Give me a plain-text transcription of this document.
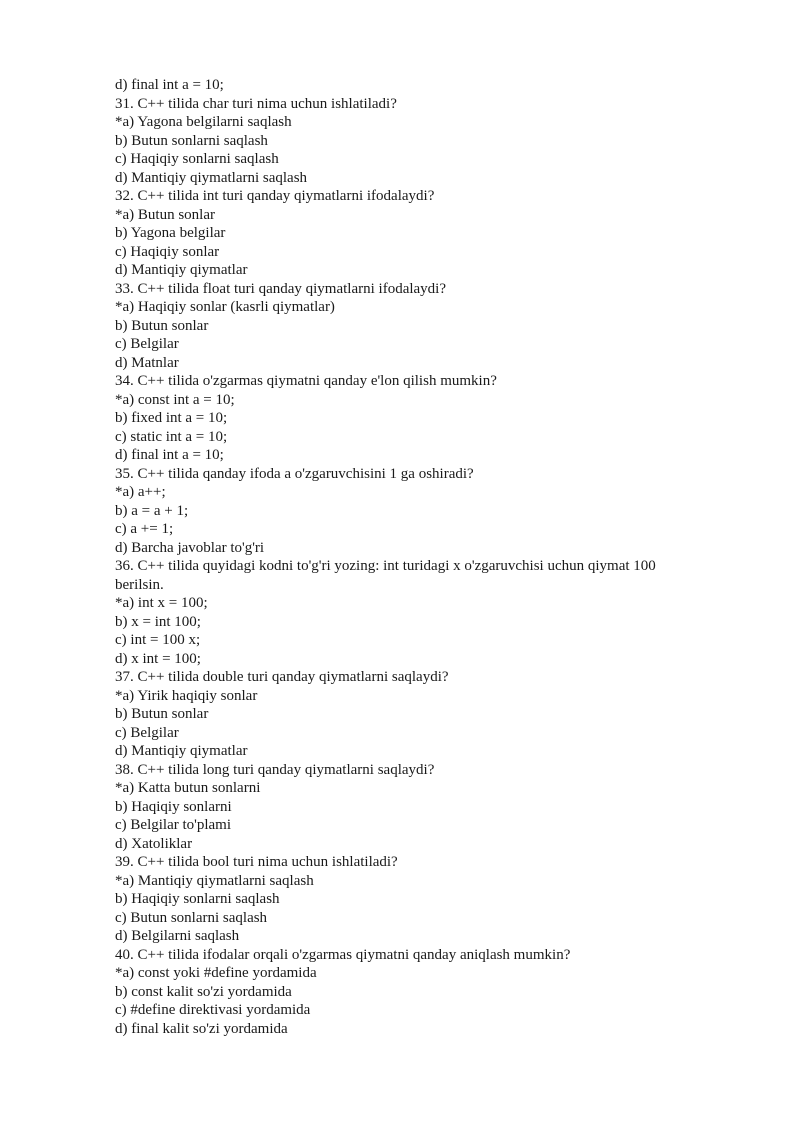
d) final int a = 10;

31. C++ tilida char turi nima uchun ishlatiladi?

*a) Yagona belgilarni saqlash

b) Butun sonlarni saqlash

c) Haqiqiy sonlarni saqlash

d) Mantiqiy qiymatlarni saqlash

32. C++ tilida int turi qanday qiymatlarni ifodalaydi?

*a) Butun sonlar

b) Yagona belgilar

c) Haqiqiy sonlar

d) Mantiqiy qiymatlar

33. C++ tilida float turi qanday qiymatlarni ifodalaydi?

*a) Haqiqiy sonlar (kasrli qiymatlar)

b) Butun sonlar

c) Belgilar

d) Matnlar

34. C++ tilida o'zgarmas qiymatni qanday e'lon qilish mumkin?

*a) const int a = 10;

b) fixed int a = 10;

c) static int a = 10;

d) final int a = 10;

35. C++ tilida qanday ifoda a o'zgaruvchisini 1 ga oshiradi?

*a) a++;

b) a = a + 1;

c) a += 1;

d) Barcha javoblar to'g'ri

36. C++ tilida quyidagi kodni to'g'ri yozing: int turidagi x o'zgaruvchisi uchun qiymat 100 berilsin.

*a) int x = 100;

b) x = int 100;

c) int = 100 x;

d) x int = 100;

37. C++ tilida double turi qanday qiymatlarni saqlaydi?

*a) Yirik haqiqiy sonlar

b) Butun sonlar

c) Belgilar

d) Mantiqiy qiymatlar

38. C++ tilida long turi qanday qiymatlarni saqlaydi?

*a) Katta butun sonlarni

b) Haqiqiy sonlarni

c) Belgilar to'plami

d) Xatoliklar

39. C++ tilida bool turi nima uchun ishlatiladi?

*a) Mantiqiy qiymatlarni saqlash

b) Haqiqiy sonlarni saqlash

c) Butun sonlarni saqlash

d) Belgilarni saqlash

40. C++ tilida ifodalar orqali o'zgarmas qiymatni qanday aniqlash mumkin?

*a) const yoki #define yordamida

b) const kalit so'zi yordamida

c) #define direktivasi yordamida

d) final kalit so'zi yordamida
